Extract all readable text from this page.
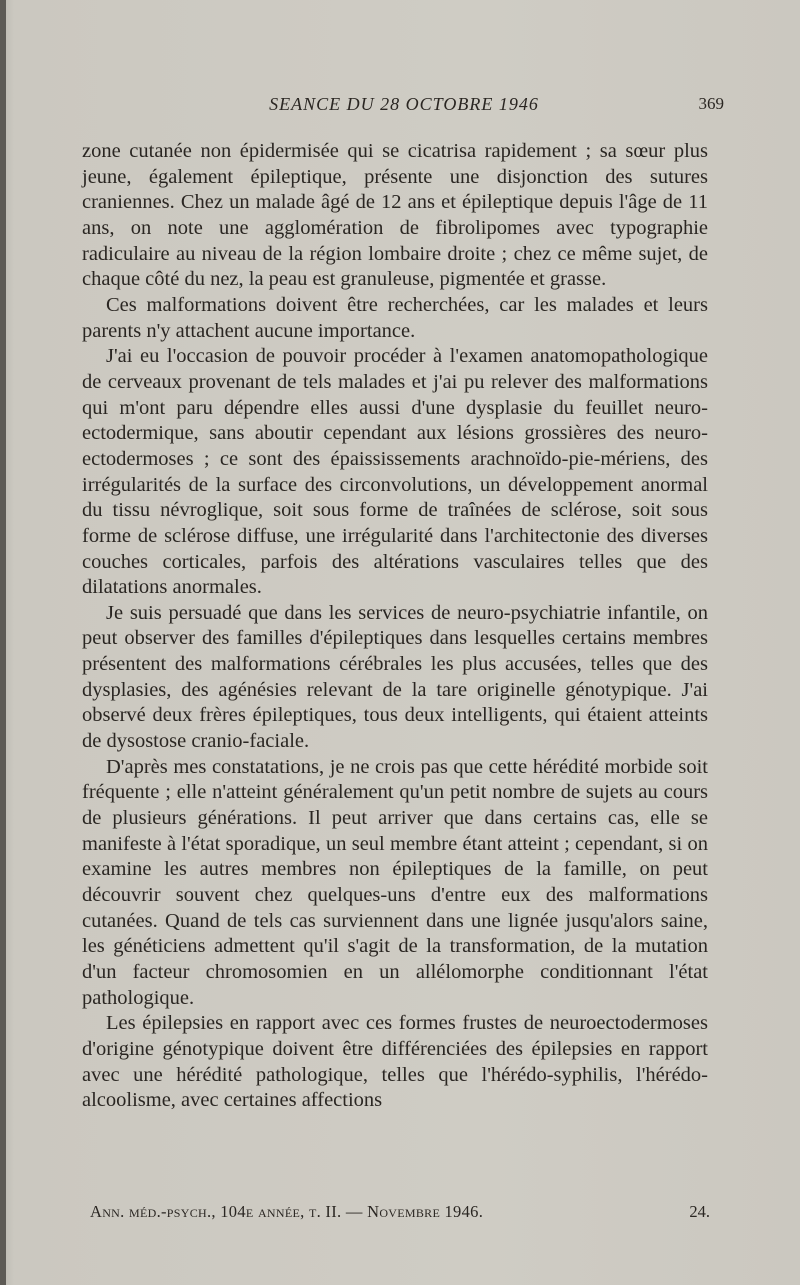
SEANCE DU 28 OCTOBRE 1946	369

zone cutanée non épidermisée qui se cicatrisa rapidement ; sa sœur plus jeune, également épileptique, présente une disjonction des sutures craniennes. Chez un malade âgé de 12 ans et épileptique depuis l'âge de 11 ans, on note une agglomération de fibrolipomes avec typographie radiculaire au niveau de la région lombaire droite ; chez ce même sujet, de chaque côté du nez, la peau est granuleuse, pigmentée et grasse.

Ces malformations doivent être recherchées, car les malades et leurs parents n'y attachent aucune importance.

J'ai eu l'occasion de pouvoir procéder à l'examen anatomopathologique de cerveaux provenant de tels malades et j'ai pu relever des malformations qui m'ont paru dépendre elles aussi d'une dysplasie du feuillet neuro-ectodermique, sans aboutir cependant aux lésions grossières des neuro-ectodermoses ; ce sont des épaississements arachnoïdo-pie-mériens, des irrégularités de la surface des circonvolutions, un développement anormal du tissu névroglique, soit sous forme de traînées de sclérose, soit sous forme de sclérose diffuse, une irrégularité dans l'architectonie des diverses couches corticales, parfois des altérations vasculaires telles que des dilatations anormales.

Je suis persuadé que dans les services de neuro-psychiatrie infantile, on peut observer des familles d'épileptiques dans lesquelles certains membres présentent des malformations cérébrales les plus accusées, telles que des dysplasies, des agénésies relevant de la tare originelle génotypique. J'ai observé deux frères épileptiques, tous deux intelligents, qui étaient atteints de dysostose cranio-faciale.

D'après mes constatations, je ne crois pas que cette hérédité morbide soit fréquente ; elle n'atteint généralement qu'un petit nombre de sujets au cours de plusieurs générations. Il peut arriver que dans certains cas, elle se manifeste à l'état sporadique, un seul membre étant atteint ; cependant, si on examine les autres membres non épileptiques de la famille, on peut découvrir souvent chez quelques-uns d'entre eux des malformations cutanées. Quand de tels cas surviennent dans une lignée jusqu'alors saine, les généticiens admettent qu'il s'agit de la transformation, de la mutation d'un facteur chromosomien en un allélomorphe conditionnant l'état pathologique.

Les épilepsies en rapport avec ces formes frustes de neuroectodermoses d'origine génotypique doivent être différenciées des épilepsies en rapport avec une hérédité pathologique, telles que l'hérédo-syphilis, l'hérédo-alcoolisme, avec certaines affections

Ann. méd.-psych., 104e année, t. II. — Novembre 1946.	24.
